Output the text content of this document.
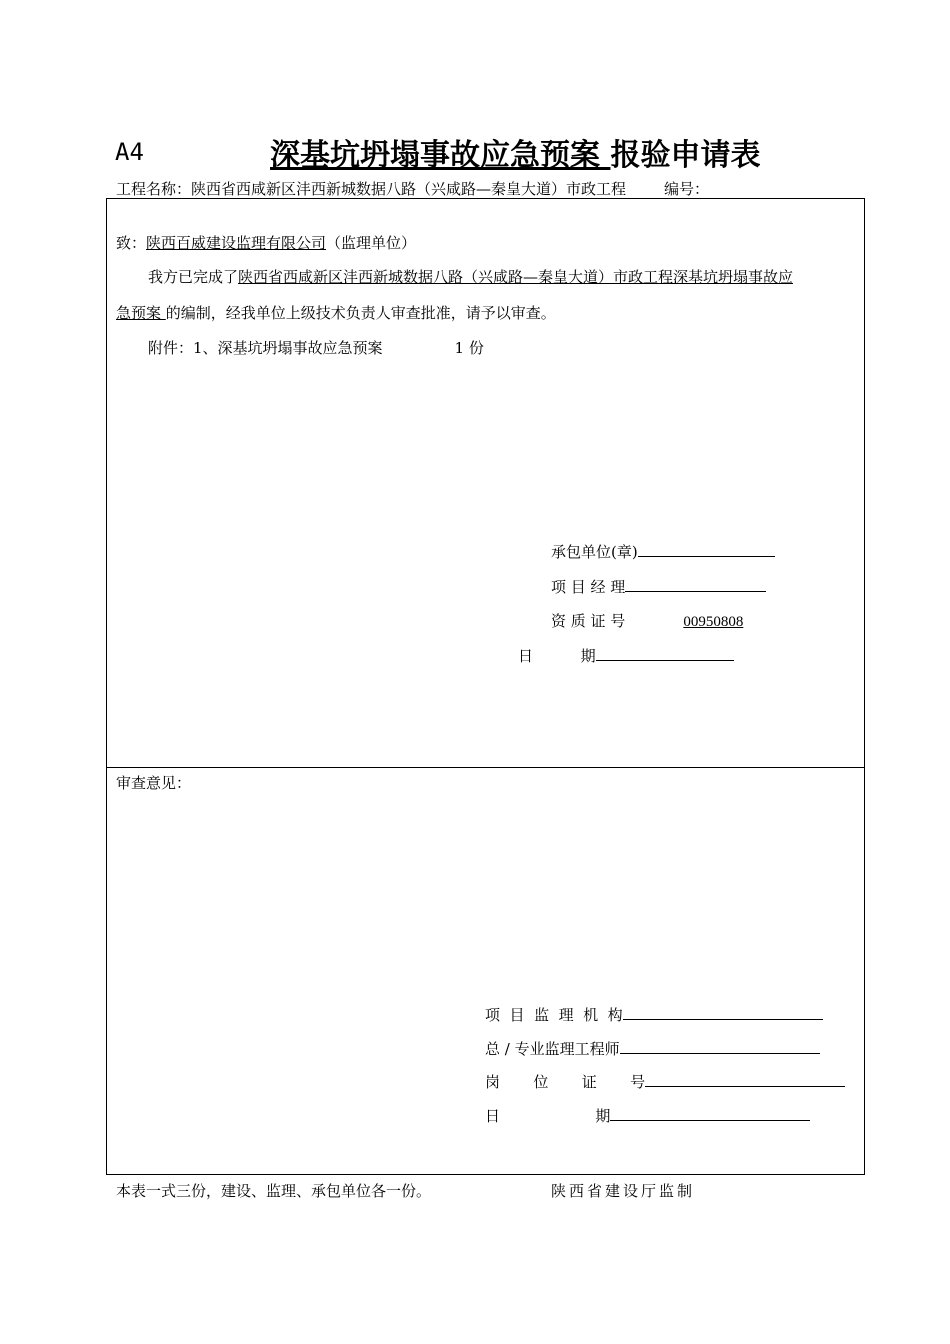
A4	深基坑坍塌事故应急预案 报验申请表
工程名称：陕西省西咸新区沣西新城数据八路（兴咸路—秦皇大道）市政工程	编号：
致：陕西百威建设监理有限公司（监理单位）
我方已完成了陕西省西咸新区沣西新城数据八路（兴咸路—秦皇大道）市政工程深基坑坍塌事故应
急预案 的编制，经我单位上级技术负责人审查批准，请予以审查。
附件：1、深基坑坍塌事故应急预案	1 份
承包单位(章)
项 目 经 理
资 质 证 号	00950808
日          期
审查意见：
项  目  监  理  机  构
总 / 专业监理工程师
岗       位       证       号
日                    期
本表一式三份，建设、监理、承包单位各一份。	陕西省建设厅监制
